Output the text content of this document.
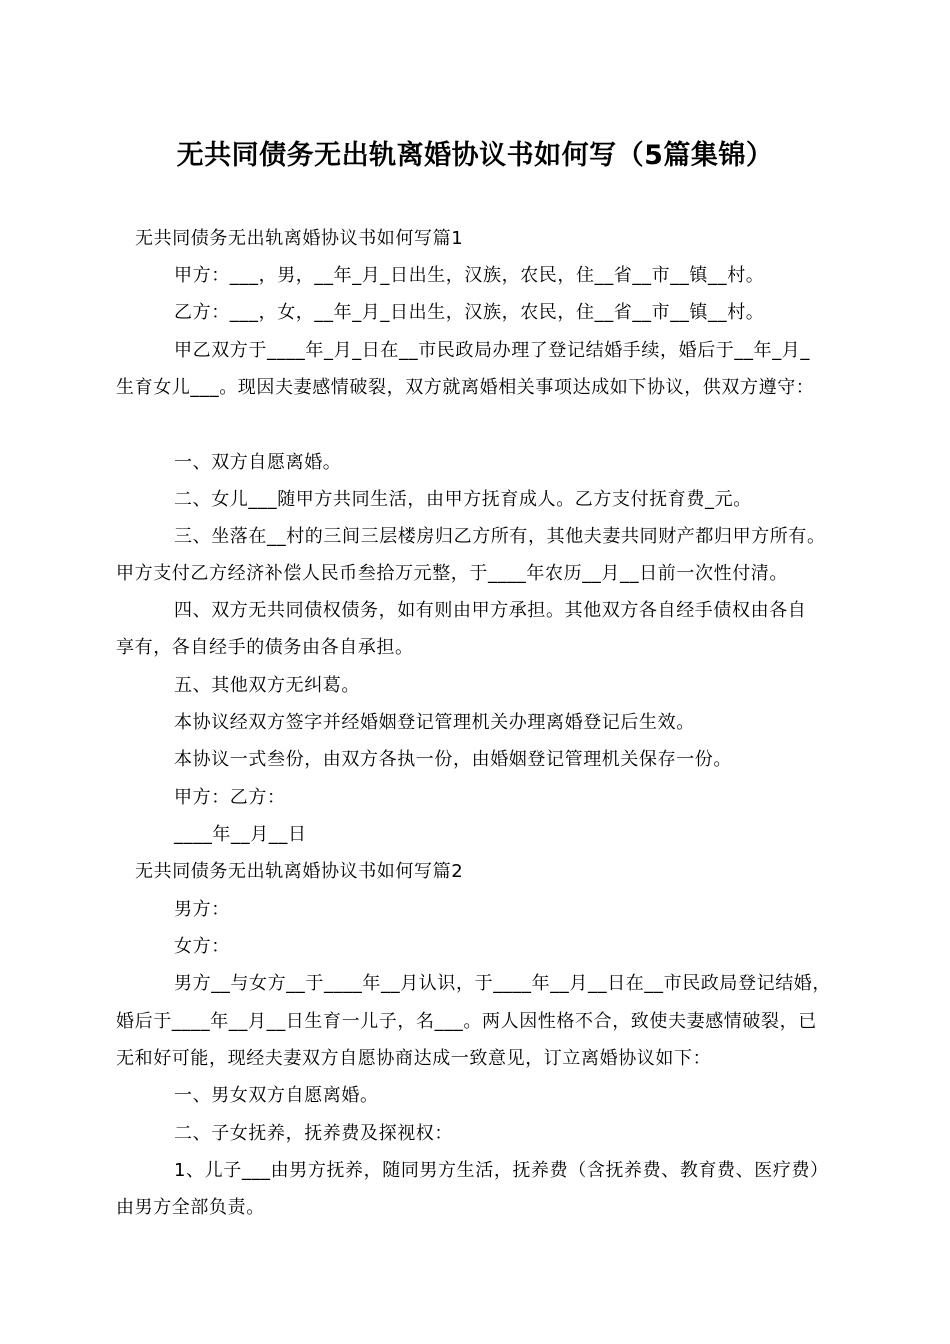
无共同债务无出轨离婚协议书如何写（5篇集锦）
无共同债务无出轨离婚协议书如何写篇1
甲方：___，男，__年_月_日出生，汉族，农民，住__省__市__镇__村。
乙方：___，女，__年_月_日出生，汉族，农民，住__省__市__镇__村。
甲乙双方于____年_月_日在__市民政局办理了登记结婚手续，婚后于__年_月_
生育女儿___。现因夫妻感情破裂，双方就离婚相关事项达成如下协议，供双方遵守：
一、双方自愿离婚。
二、女儿___随甲方共同生活，由甲方抚育成人。乙方支付抚育费_元。
三、坐落在__村的三间三层楼房归乙方所有，其他夫妻共同财产都归甲方所有。
甲方支付乙方经济补偿人民币叁拾万元整，于____年农历__月__日前一次性付清。
四、双方无共同债权债务，如有则由甲方承担。其他双方各自经手债权由各自
享有，各自经手的债务由各自承担。
五、其他双方无纠葛。
本协议经双方签字并经婚姻登记管理机关办理离婚登记后生效。
本协议一式叁份，由双方各执一份，由婚姻登记管理机关保存一份。
甲方：乙方：
____年__月__日
无共同债务无出轨离婚协议书如何写篇2
男方：
女方：
男方__与女方__于____年__月认识，于____年__月__日在__市民政局登记结婚，
婚后于____年__月__日生育一儿子，名___。两人因性格不合，致使夫妻感情破裂，已
无和好可能，现经夫妻双方自愿协商达成一致意见，订立离婚协议如下：
一、男女双方自愿离婚。
二、子女抚养，抚养费及探视权：
1、儿子___由男方抚养，随同男方生活，抚养费（含抚养费、教育费、医疗费）
由男方全部负责。
